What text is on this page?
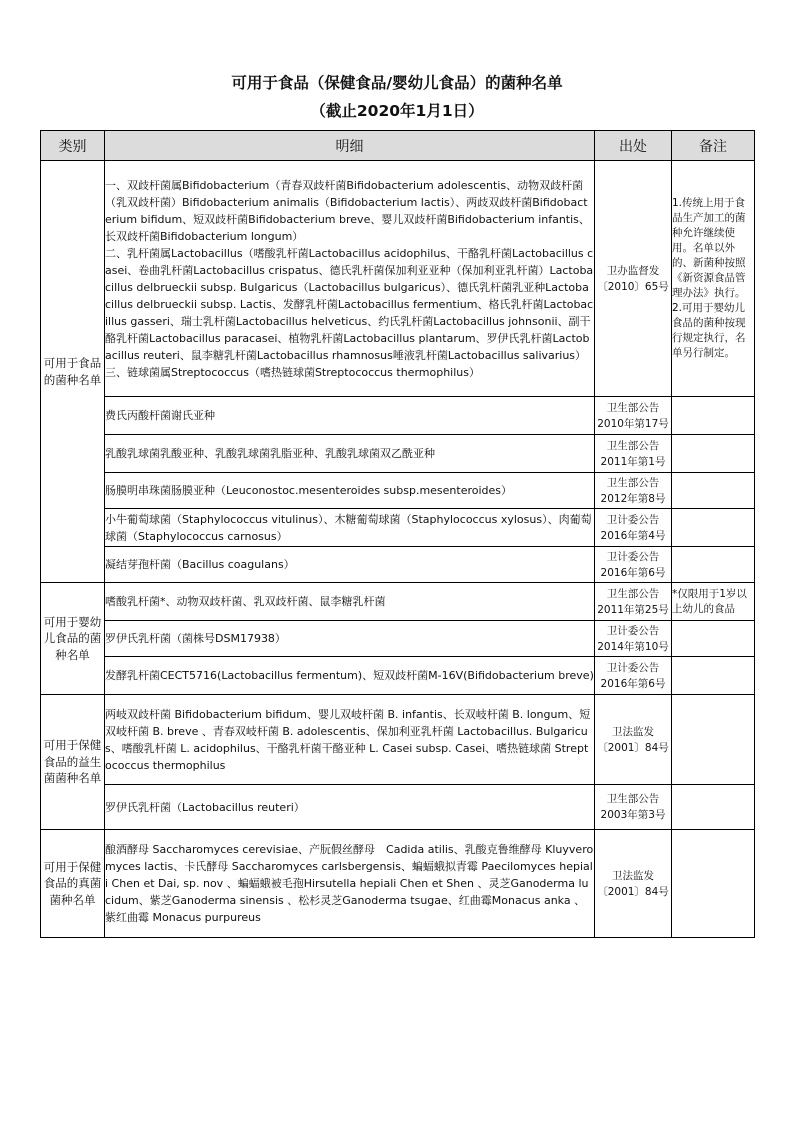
可用于食品（保健食品/婴幼儿食品）的菌种名单
（截止2020年1月1日）
类别	明细	出处	备注
可用于食品的菌种名单	一、双歧杆菌属Bifidobacterium（青春双歧杆菌Bifidobacterium adolescentis、动物双歧杆菌（乳双歧杆菌）Bifidobacterium animalis（Bifidobacterium lactis）、两歧双歧杆菌Bifidobacterium bifidum、短双歧杆菌Bifidobacterium breve、婴儿双歧杆菌Bifidobacterium infantis、长双歧杆菌Bifidobacterium longum）
二、乳杆菌属Lactobacillus（嗜酸乳杆菌Lactobacillus acidophilus、干酪乳杆菌Lactobacillus casei、卷曲乳杆菌Lactobacillus crispatus、德氏乳杆菌保加利亚亚种（保加利亚乳杆菌）Lactobacillus delbrueckii subsp. Bulgaricus（Lactobacillus bulgaricus）、德氏乳杆菌乳亚种Lactobacillus delbrueckii subsp. Lactis、发酵乳杆菌Lactobacillus fermentium、格氏乳杆菌Lactobacillus gasseri、瑞士乳杆菌Lactobacillus helveticus、约氏乳杆菌Lactobacillus johnsonii、副干酪乳杆菌Lactobacillus paracasei、植物乳杆菌Lactobacillus plantarum、罗伊氏乳杆菌Lactobacillus reuteri、鼠李糖乳杆菌Lactobacillus rhamnosus唾液乳杆菌Lactobacillus salivarius）
三、链球菌属Streptococcus（嗜热链球菌Streptococcus thermophilus）	卫办监督发〔2010〕65号	1.传统上用于食品生产加工的菌种允许继续使用。名单以外的、新菌种按照《新资源食品管理办法》执行。
2.可用于婴幼儿食品的菌种按现行规定执行，名单另行制定。
	费氏丙酸杆菌谢氏亚种	卫生部公告
2010年第17号	
	乳酸乳球菌乳酸亚种、乳酸乳球菌乳脂亚种、乳酸乳球菌双乙酰亚种	卫生部公告
2011年第1号	
	肠膜明串珠菌肠膜亚种（Leuconostoc.mesenteroides subsp.mesenteroides）	卫生部公告
2012年第8号	
	小牛葡萄球菌（Staphylococcus vitulinus）、木糖葡萄球菌（Staphylococcus xylosus）、肉葡萄球菌（Staphylococcus carnosus）	卫计委公告
2016年第4号	
	凝结芽孢杆菌（Bacillus coagulans）	卫计委公告
2016年第6号	
可用于婴幼儿食品的菌种名单	嗜酸乳杆菌*、动物双歧杆菌、乳双歧杆菌、鼠李糖乳杆菌	卫生部公告
2011年第25号	*仅限用于1岁以上幼儿的食品
	罗伊氏乳杆菌（菌株号DSM17938）	卫计委公告
2014年第10号	
	发酵乳杆菌CECT5716(Lactobacillus fermentum)、短双歧杆菌M-16V(Bifidobacterium breve)	卫计委公告
2016年第6号	
可用于保健食品的益生菌菌种名单	两岐双歧杆菌 Bifidobacterium bifidum、婴儿双岐杆菌 B. infantis、长双岐杆菌 B. longum、短双岐杆菌 B. breve 、青春双岐杆菌 B. adolescentis、保加利亚乳杆菌 Lactobacillus. Bulgaricus、嗜酸乳杆菌 L. acidophilus、干酪乳杆菌干酪亚种 L. Casei subsp. Casei、嗜热链球菌 Streptococcus thermophilus	卫法监发〔2001〕84号	
	罗伊氏乳杆菌（Lactobacillus reuteri）	卫生部公告
2003年第3号	
可用于保健食品的真菌菌种名单	酿酒酵母 Saccharomyces cerevisiae、产朊假丝酵母　Cadida atilis、乳酸克鲁维酵母 Kluyveromyces lactis、卡氏酵母 Saccharomyces carlsbergensis、蝙蝠蛾拟青霉 Paecilomyces hepiali Chen et Dai, sp. nov 、蝙蝠蛾被毛孢Hirsutella hepiali Chen et Shen 、灵芝Ganoderma lucidum、紫芝Ganoderma sinensis 、松杉灵芝Ganoderma tsugae、红曲霉Monacus anka 、紫红曲霉 Monacus purpureus	卫法监发〔2001〕84号	
